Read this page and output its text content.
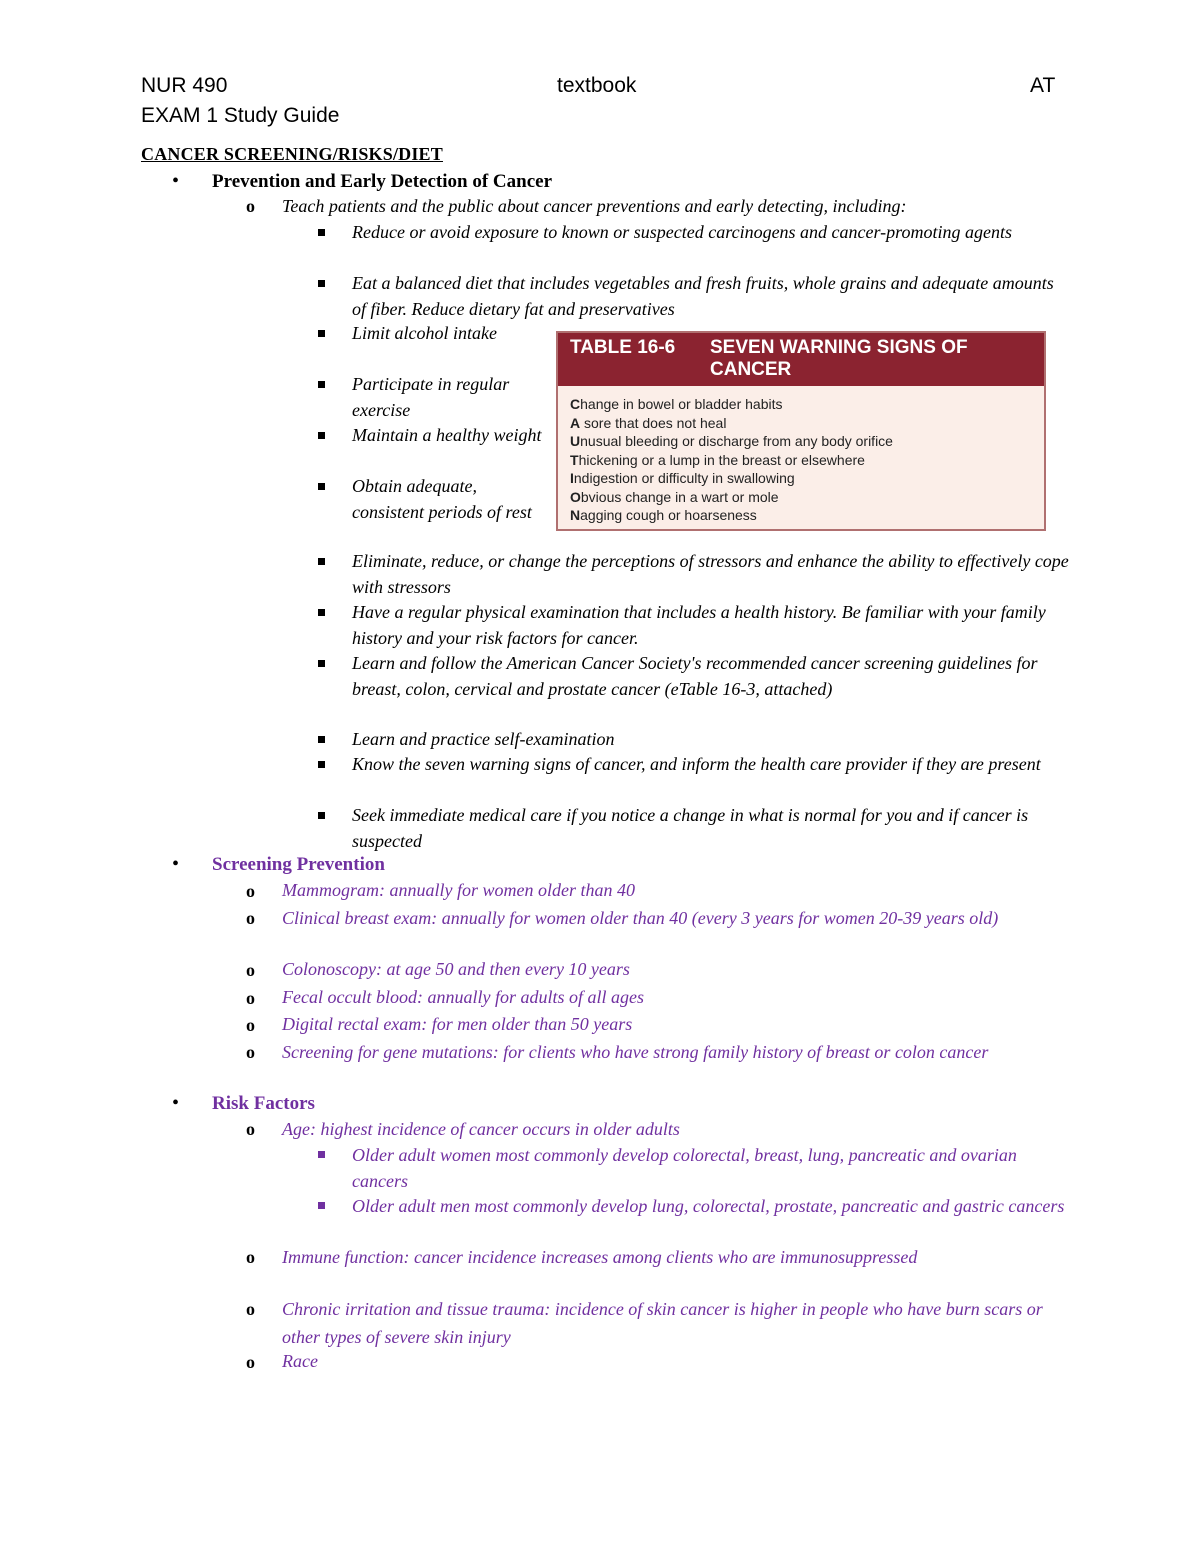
NUR 490	textbook	AT
EXAM 1 Study Guide
CANCER SCREENING/RISKS/DIET
• Prevention and Early Detection of Cancer
o Teach patients and the public about cancer preventions and early detecting, including:
Reduce or avoid exposure to known or suspected carcinogens and cancer-promoting agents
Eat a balanced diet that includes vegetables and fresh fruits, whole grains and adequate amounts of fiber. Reduce dietary fat and preservatives
Limit alcohol intake
Participate in regular exercise
Maintain a healthy weight
Obtain adequate, consistent periods of rest
Eliminate, reduce, or change the perceptions of stressors and enhance the ability to effectively cope with stressors
Have a regular physical examination that includes a health history. Be familiar with your family history and your risk factors for cancer.
Learn and follow the American Cancer Society's recommended cancer screening guidelines for breast, colon, cervical and prostate cancer (eTable 16-3, attached)
Learn and practice self-examination
Know the seven warning signs of cancer, and inform the health care provider if they are present
Seek immediate medical care if you notice a change in what is normal for you and if cancer is suspected
TABLE 16-6 SEVEN WARNING SIGNS OF CANCER
Change in bowel or bladder habits
A sore that does not heal
Unusual bleeding or discharge from any body orifice
Thickening or a lump in the breast or elsewhere
Indigestion or difficulty in swallowing
Obvious change in a wart or mole
Nagging cough or hoarseness
• Screening Prevention
o Mammogram: annually for women older than 40
o Clinical breast exam: annually for women older than 40 (every 3 years for women 20-39 years old)
o Colonoscopy: at age 50 and then every 10 years
o Fecal occult blood: annually for adults of all ages
o Digital rectal exam: for men older than 50 years
o Screening for gene mutations: for clients who have strong family history of breast or colon cancer
• Risk Factors
o Age: highest incidence of cancer occurs in older adults
Older adult women most commonly develop colorectal, breast, lung, pancreatic and ovarian cancers
Older adult men most commonly develop lung, colorectal, prostate, pancreatic and gastric cancers
o Immune function: cancer incidence increases among clients who are immunosuppressed
o Chronic irritation and tissue trauma: incidence of skin cancer is higher in people who have burn scars or other types of severe skin injury
o Race
